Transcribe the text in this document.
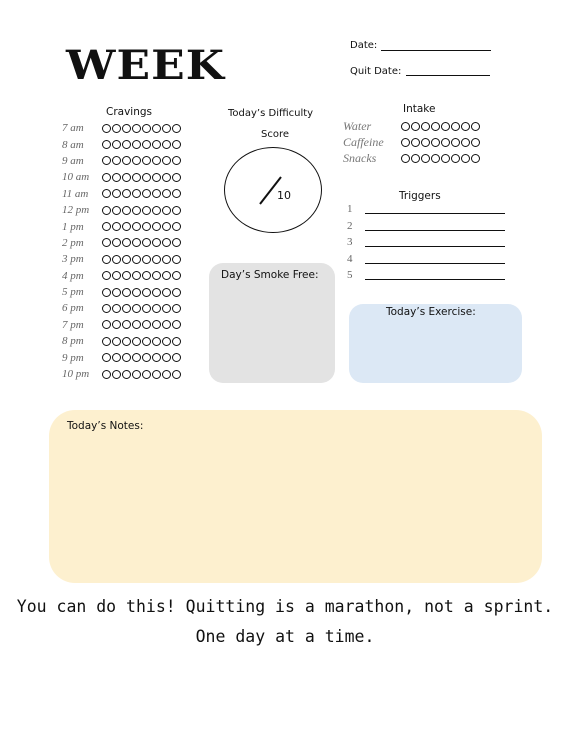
WEEK	Date:
Quit Date:
Cravings
7 am
8 am
9 am
10 am
11 am
12 pm
1 pm
2 pm
3 pm
4 pm
5 pm
6 pm
7 pm
8 pm
9 pm
10 pm
Today’s Difficulty
Score
10
Intake
Water
Caffeine
Snacks
Triggers
1
2
3
4
5
Day’s Smoke Free:
Today’s Exercise:
Today’s Notes:
You can do this! Quitting is a marathon, not a sprint.
One day at a time.
